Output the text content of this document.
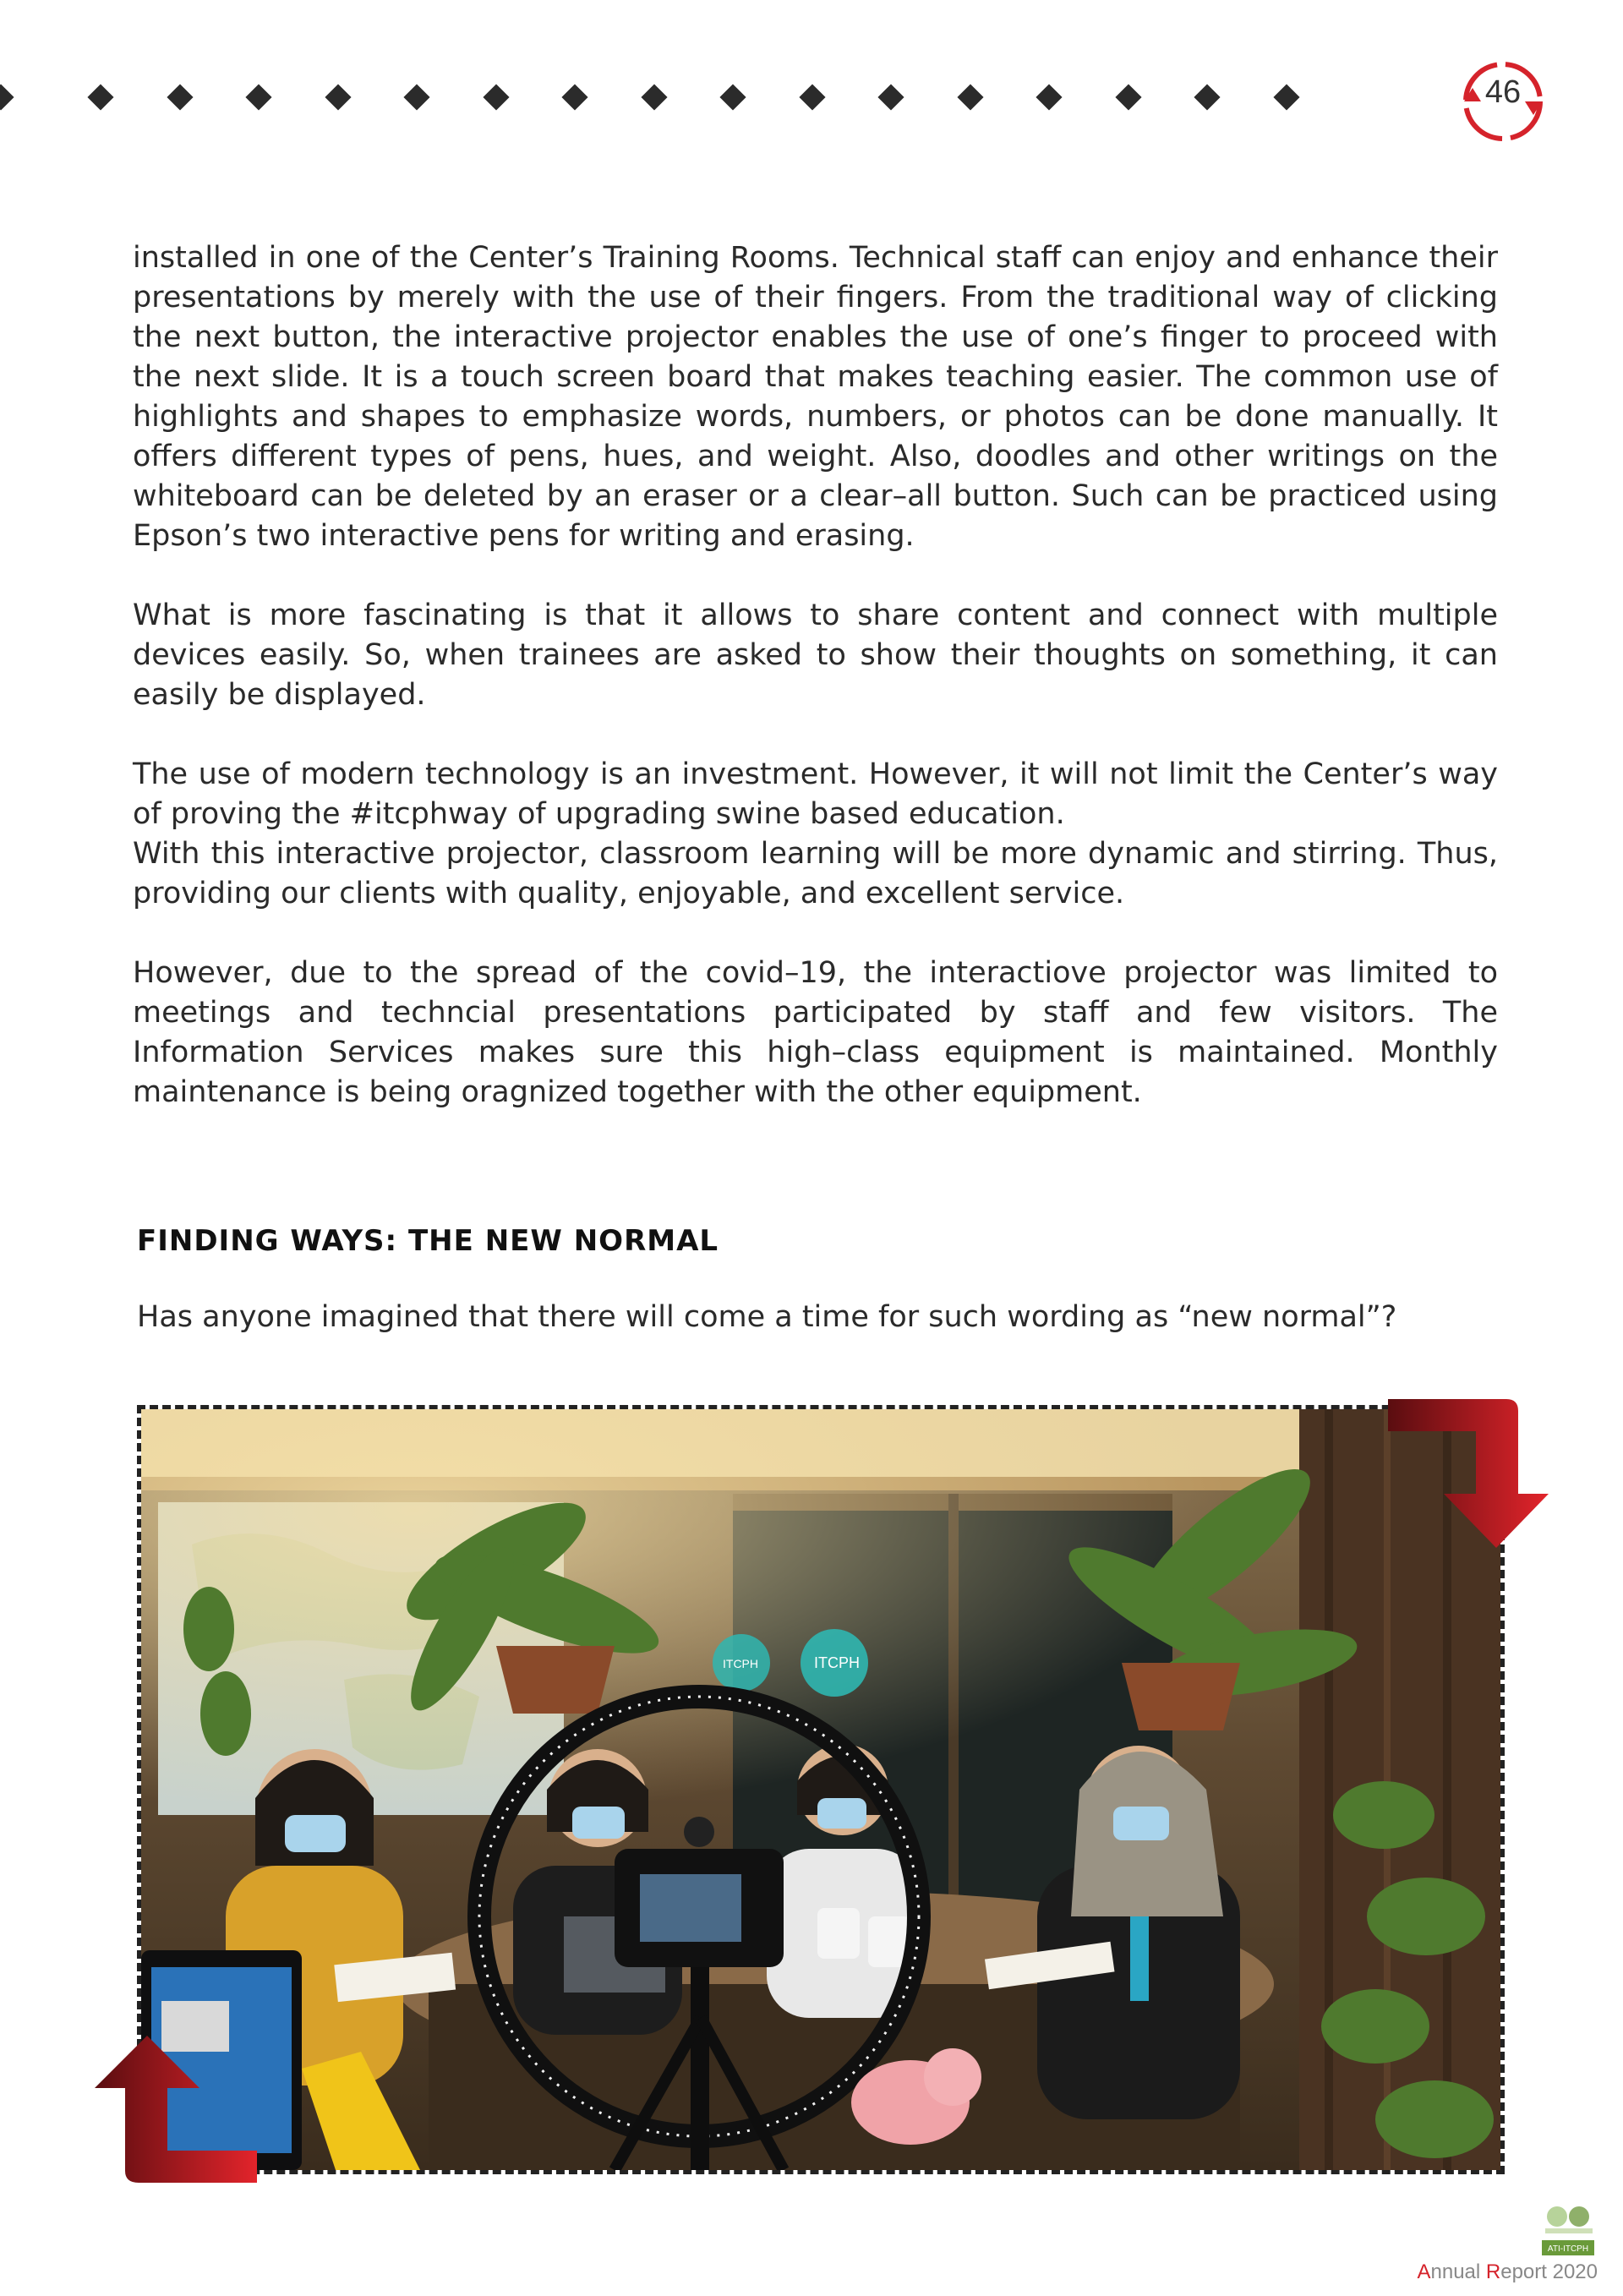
46

installed in one of the Center’s Training Rooms. Technical staff can enjoy and enhance their presentations by merely with the use of their fingers. From the traditional way of clicking the next button, the interactive projector enables the use of one’s finger to proceed with the next slide. It is a touch screen board that makes teaching easier. The common use of highlights and shapes to emphasize words, numbers, or photos can be done manually. It offers different types of pens, hues, and weight. Also, doodles and other writings on the whiteboard can be deleted by an eraser or a clear–all button. Such can be practiced using Epson’s two interactive pens for writing and erasing.

What is more fascinating is that it allows to share content and connect with multiple devices easily. So, when trainees are asked to show their thoughts on something, it can easily be displayed.

The use of modern technology is an investment. However, it will not limit the Center’s way of proving the #itcphway of upgrading swine based education.

With this interactive projector, classroom learning will be more dynamic and stirring. Thus, providing our clients with quality, enjoyable, and excellent service.

However, due to the spread of the covid–19, the interactiove projector was limited to meetings and techncial presentations participated by staff and few visitors. The Information Services makes sure this high–class equipment is maintained. Monthly maintenance is being oragnized together with the other equipment.

FINDING WAYS: THE NEW NORMAL
Has anyone imagined that there will come a time for such wording as “new normal”?
ITCPH
ITCPH
ATI-ITCPH
Annual Report 2020
